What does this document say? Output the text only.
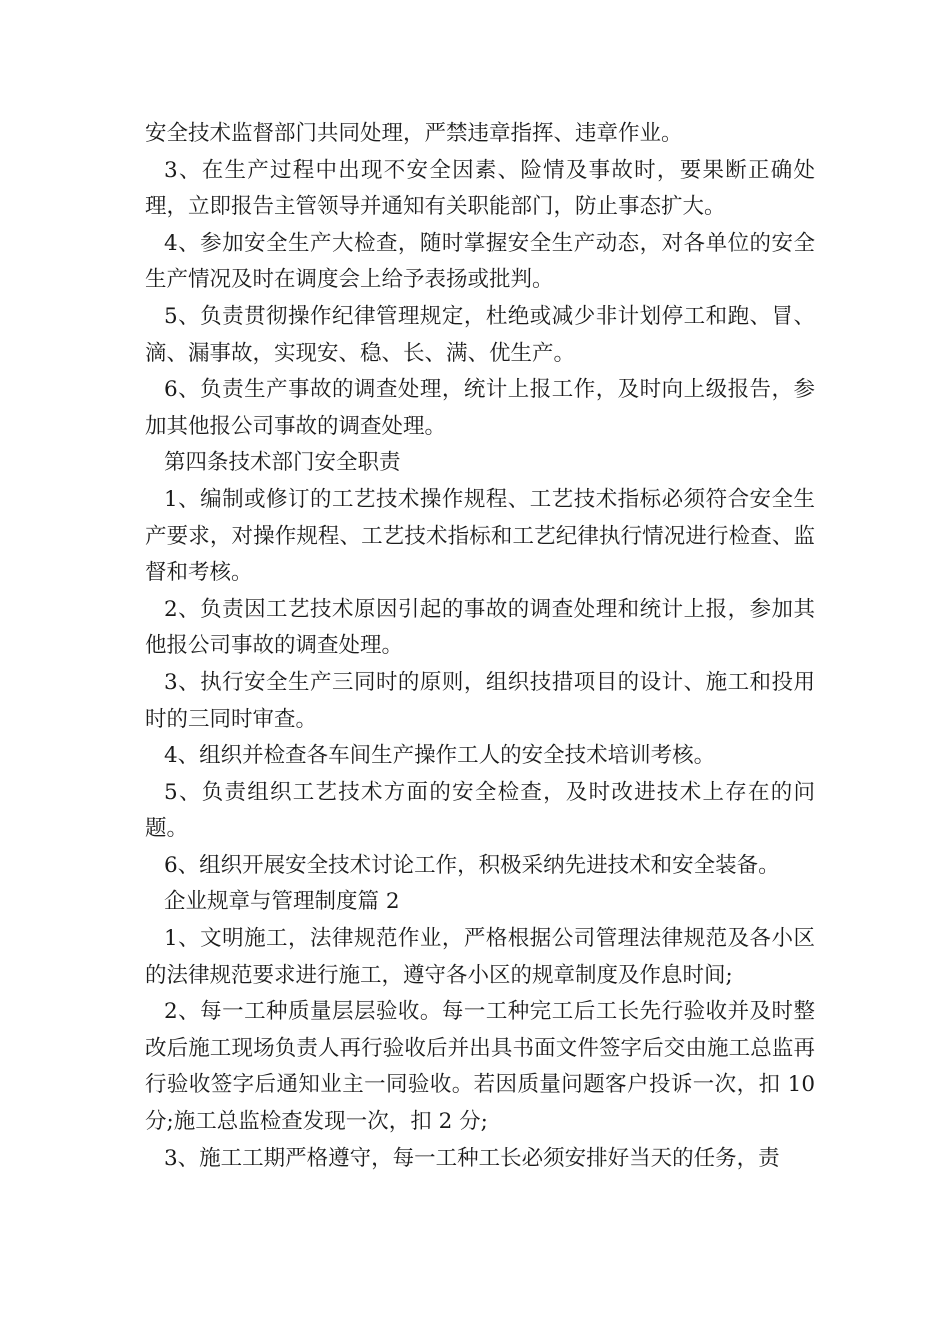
安全技术监督部门共同处理，严禁违章指挥、违章作业。

3、在生产过程中出现不安全因素、险情及事故时，要果断正确处理，立即报告主管领导并通知有关职能部门，防止事态扩大。

4、参加安全生产大检查，随时掌握安全生产动态，对各单位的安全生产情况及时在调度会上给予表扬或批判。

5、负责贯彻操作纪律管理规定，杜绝或减少非计划停工和跑、冒、滴、漏事故，实现安、稳、长、满、优生产。

6、负责生产事故的调查处理，统计上报工作，及时向上级报告，参加其他报公司事故的调查处理。

第四条技术部门安全职责

1、编制或修订的工艺技术操作规程、工艺技术指标必须符合安全生产要求，对操作规程、工艺技术指标和工艺纪律执行情况进行检查、监督和考核。

2、负责因工艺技术原因引起的事故的调查处理和统计上报，参加其他报公司事故的调查处理。

3、执行安全生产三同时的原则，组织技措项目的设计、施工和投用时的三同时审查。

4、组织并检查各车间生产操作工人的安全技术培训考核。

5、负责组织工艺技术方面的安全检查，及时改进技术上存在的问题。

6、组织开展安全技术讨论工作，积极采纳先进技术和安全装备。

企业规章与管理制度篇 2

1、文明施工，法律规范作业，严格根据公司管理法律规范及各小区的法律规范要求进行施工，遵守各小区的规章制度及作息时间;

2、每一工种质量层层验收。每一工种完工后工长先行验收并及时整改后施工现场负责人再行验收后并出具书面文件签字后交由施工总监再行验收签字后通知业主一同验收。若因质量问题客户投诉一次，扣 10 分;施工总监检查发现一次，扣 2 分;

3、施工工期严格遵守，每一工种工长必须安排好当天的任务，责
